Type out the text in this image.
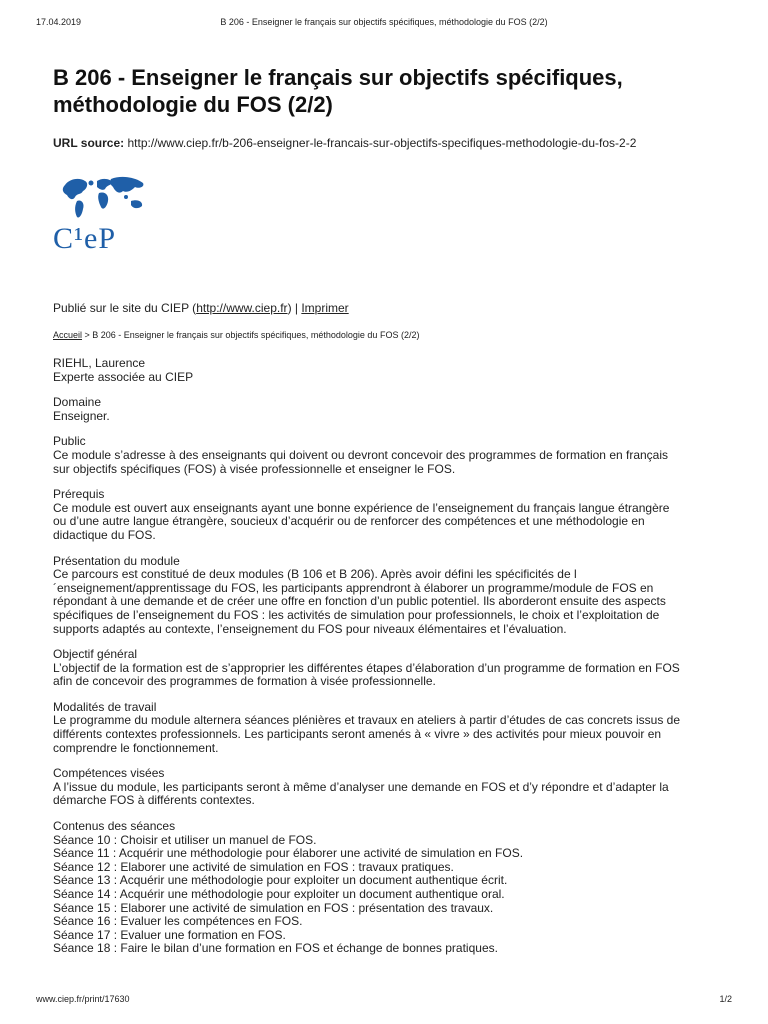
17.04.2019	B 206 - Enseigner le français sur objectifs spécifiques, méthodologie du FOS (2/2)
B 206 - Enseigner le français sur objectifs spécifiques,
méthodologie du FOS (2/2)
URL source: http://www.ciep.fr/b-206-enseigner-le-francais-sur-objectifs-specifiques-methodologie-du-fos-2-2
C¹eP
Publié sur le site du CIEP (http://www.ciep.fr) | Imprimer
Accueil > B 206 - Enseigner le français sur objectifs spécifiques, méthodologie du FOS (2/2)
RIEHL, Laurence
Experte associée au CIEP
Domaine
Enseigner.
Public
Ce module s’adresse à des enseignants qui doivent ou devront concevoir des programmes de formation en français
sur objectifs spécifiques (FOS) à visée professionnelle et enseigner le FOS.
Prérequis
Ce module est ouvert aux enseignants ayant une bonne expérience de l’enseignement du français langue étrangère
ou d’une autre langue étrangère, soucieux d’acquérir ou de renforcer des compétences et une méthodologie en
didactique du FOS.
Présentation du module
Ce parcours est constitué de deux modules (B 106 et B 206). Après avoir défini les spécificités de l
´enseignement/apprentissage du FOS, les participants apprendront à élaborer un programme/module de FOS en
répondant à une demande et de créer une offre en fonction d’un public potentiel. Ils aborderont ensuite des aspects
spécifiques de l’enseignement du FOS : les activités de simulation pour professionnels, le choix et l’exploitation de
supports adaptés au contexte, l’enseignement du FOS pour niveaux élémentaires et l’évaluation.
Objectif général
L’objectif de la formation est de s’approprier les différentes étapes d’élaboration d’un programme de formation en FOS
afin de concevoir des programmes de formation à visée professionnelle.
Modalités de travail
Le programme du module alternera séances plénières et travaux en ateliers à partir d’études de cas concrets issus de
différents contextes professionnels. Les participants seront amenés à « vivre » des activités pour mieux pouvoir en
comprendre le fonctionnement.
Compétences visées
A l’issue du module, les participants seront à même d’analyser une demande en FOS et d’y répondre et d’adapter la
démarche FOS à différents contextes.
Contenus des séances
Séance 10 : Choisir et utiliser un manuel de FOS.
Séance 11 : Acquérir une méthodologie pour élaborer une activité de simulation en FOS.
Séance 12 : Elaborer une activité de simulation en FOS : travaux pratiques.
Séance 13 : Acquérir une méthodologie pour exploiter un document authentique écrit.
Séance 14 : Acquérir une méthodologie pour exploiter un document authentique oral.
Séance 15 : Elaborer une activité de simulation en FOS : présentation des travaux.
Séance 16 : Evaluer les compétences en FOS.
Séance 17 : Evaluer une formation en FOS.
Séance 18 : Faire le bilan d’une formation en FOS et échange de bonnes pratiques.
www.ciep.fr/print/17630	1/2
